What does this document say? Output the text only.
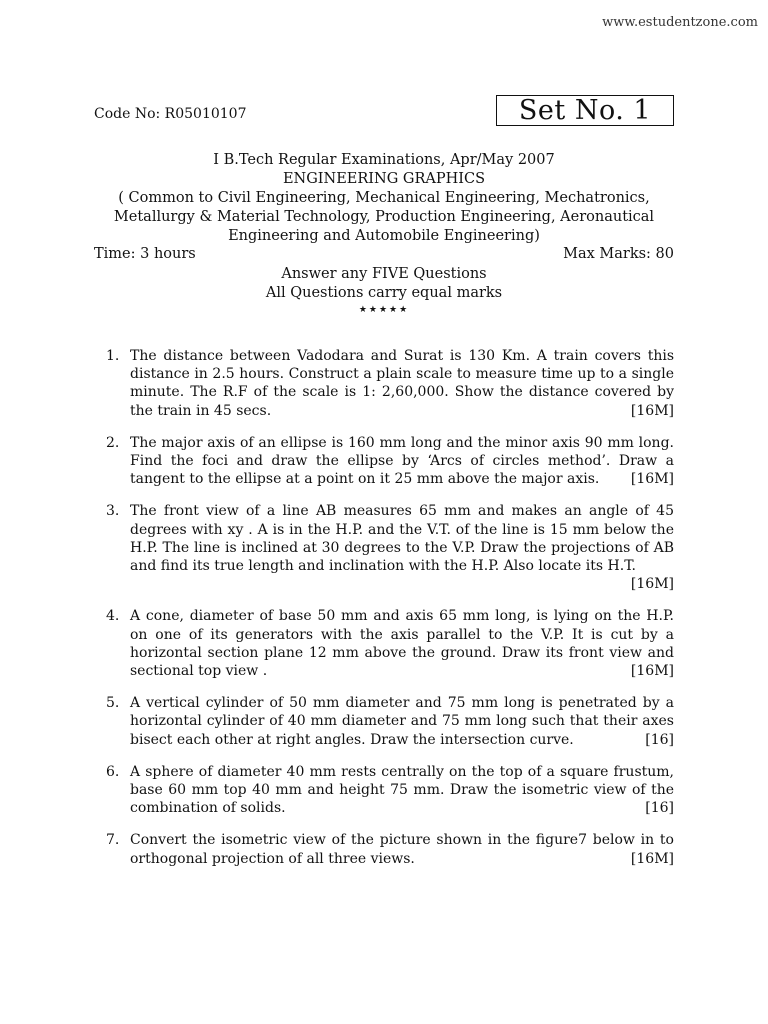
www.estudentzone.com
Code No: R05010107	Set No. 1
I B.Tech Regular Examinations, Apr/May 2007
ENGINEERING GRAPHICS
( Common to Civil Engineering, Mechanical Engineering, Mechatronics,
Metallurgy & Material Technology, Production Engineering, Aeronautical
Engineering and Automobile Engineering)
Time: 3 hours	Max Marks: 80
Answer any FIVE Questions
All Questions carry equal marks
★★★★★
1. The distance between Vadodara and Surat is 130 Km. A train covers this distance in 2.5 hours. Construct a plain scale to measure time up to a single minute. The R.F of the scale is 1: 2,60,000. Show the distance covered by the train in 45 secs.	[16M]
2. The major axis of an ellipse is 160 mm long and the minor axis 90 mm long. Find the foci and draw the ellipse by ‘Arcs of circles method’. Draw a tangent to the ellipse at a point on it 25 mm above the major axis.	[16M]
3. The front view of a line AB measures 65 mm and makes an angle of 45 degrees with xy . A is in the H.P. and the V.T. of the line is 15 mm below the H.P. The line is inclined at 30 degrees to the V.P. Draw the projections of AB and find its true length and inclination with the H.P. Also locate its H.T.
[16M]
4. A cone, diameter of base 50 mm and axis 65 mm long, is lying on the H.P. on one of its generators with the axis parallel to the V.P. It is cut by a horizontal section plane 12 mm above the ground. Draw its front view and sectional top view .	[16M]
5. A vertical cylinder of 50 mm diameter and 75 mm long is penetrated by a horizontal cylinder of 40 mm diameter and 75 mm long such that their axes bisect each other at right angles. Draw the intersection curve.	[16]
6. A sphere of diameter 40 mm rests centrally on the top of a square frustum, base 60 mm top 40 mm and height 75 mm. Draw the isometric view of the combination of solids.	[16]
7. Convert the isometric view of the picture shown in the figure7 below in to orthogonal projection of all three views.	[16M]
